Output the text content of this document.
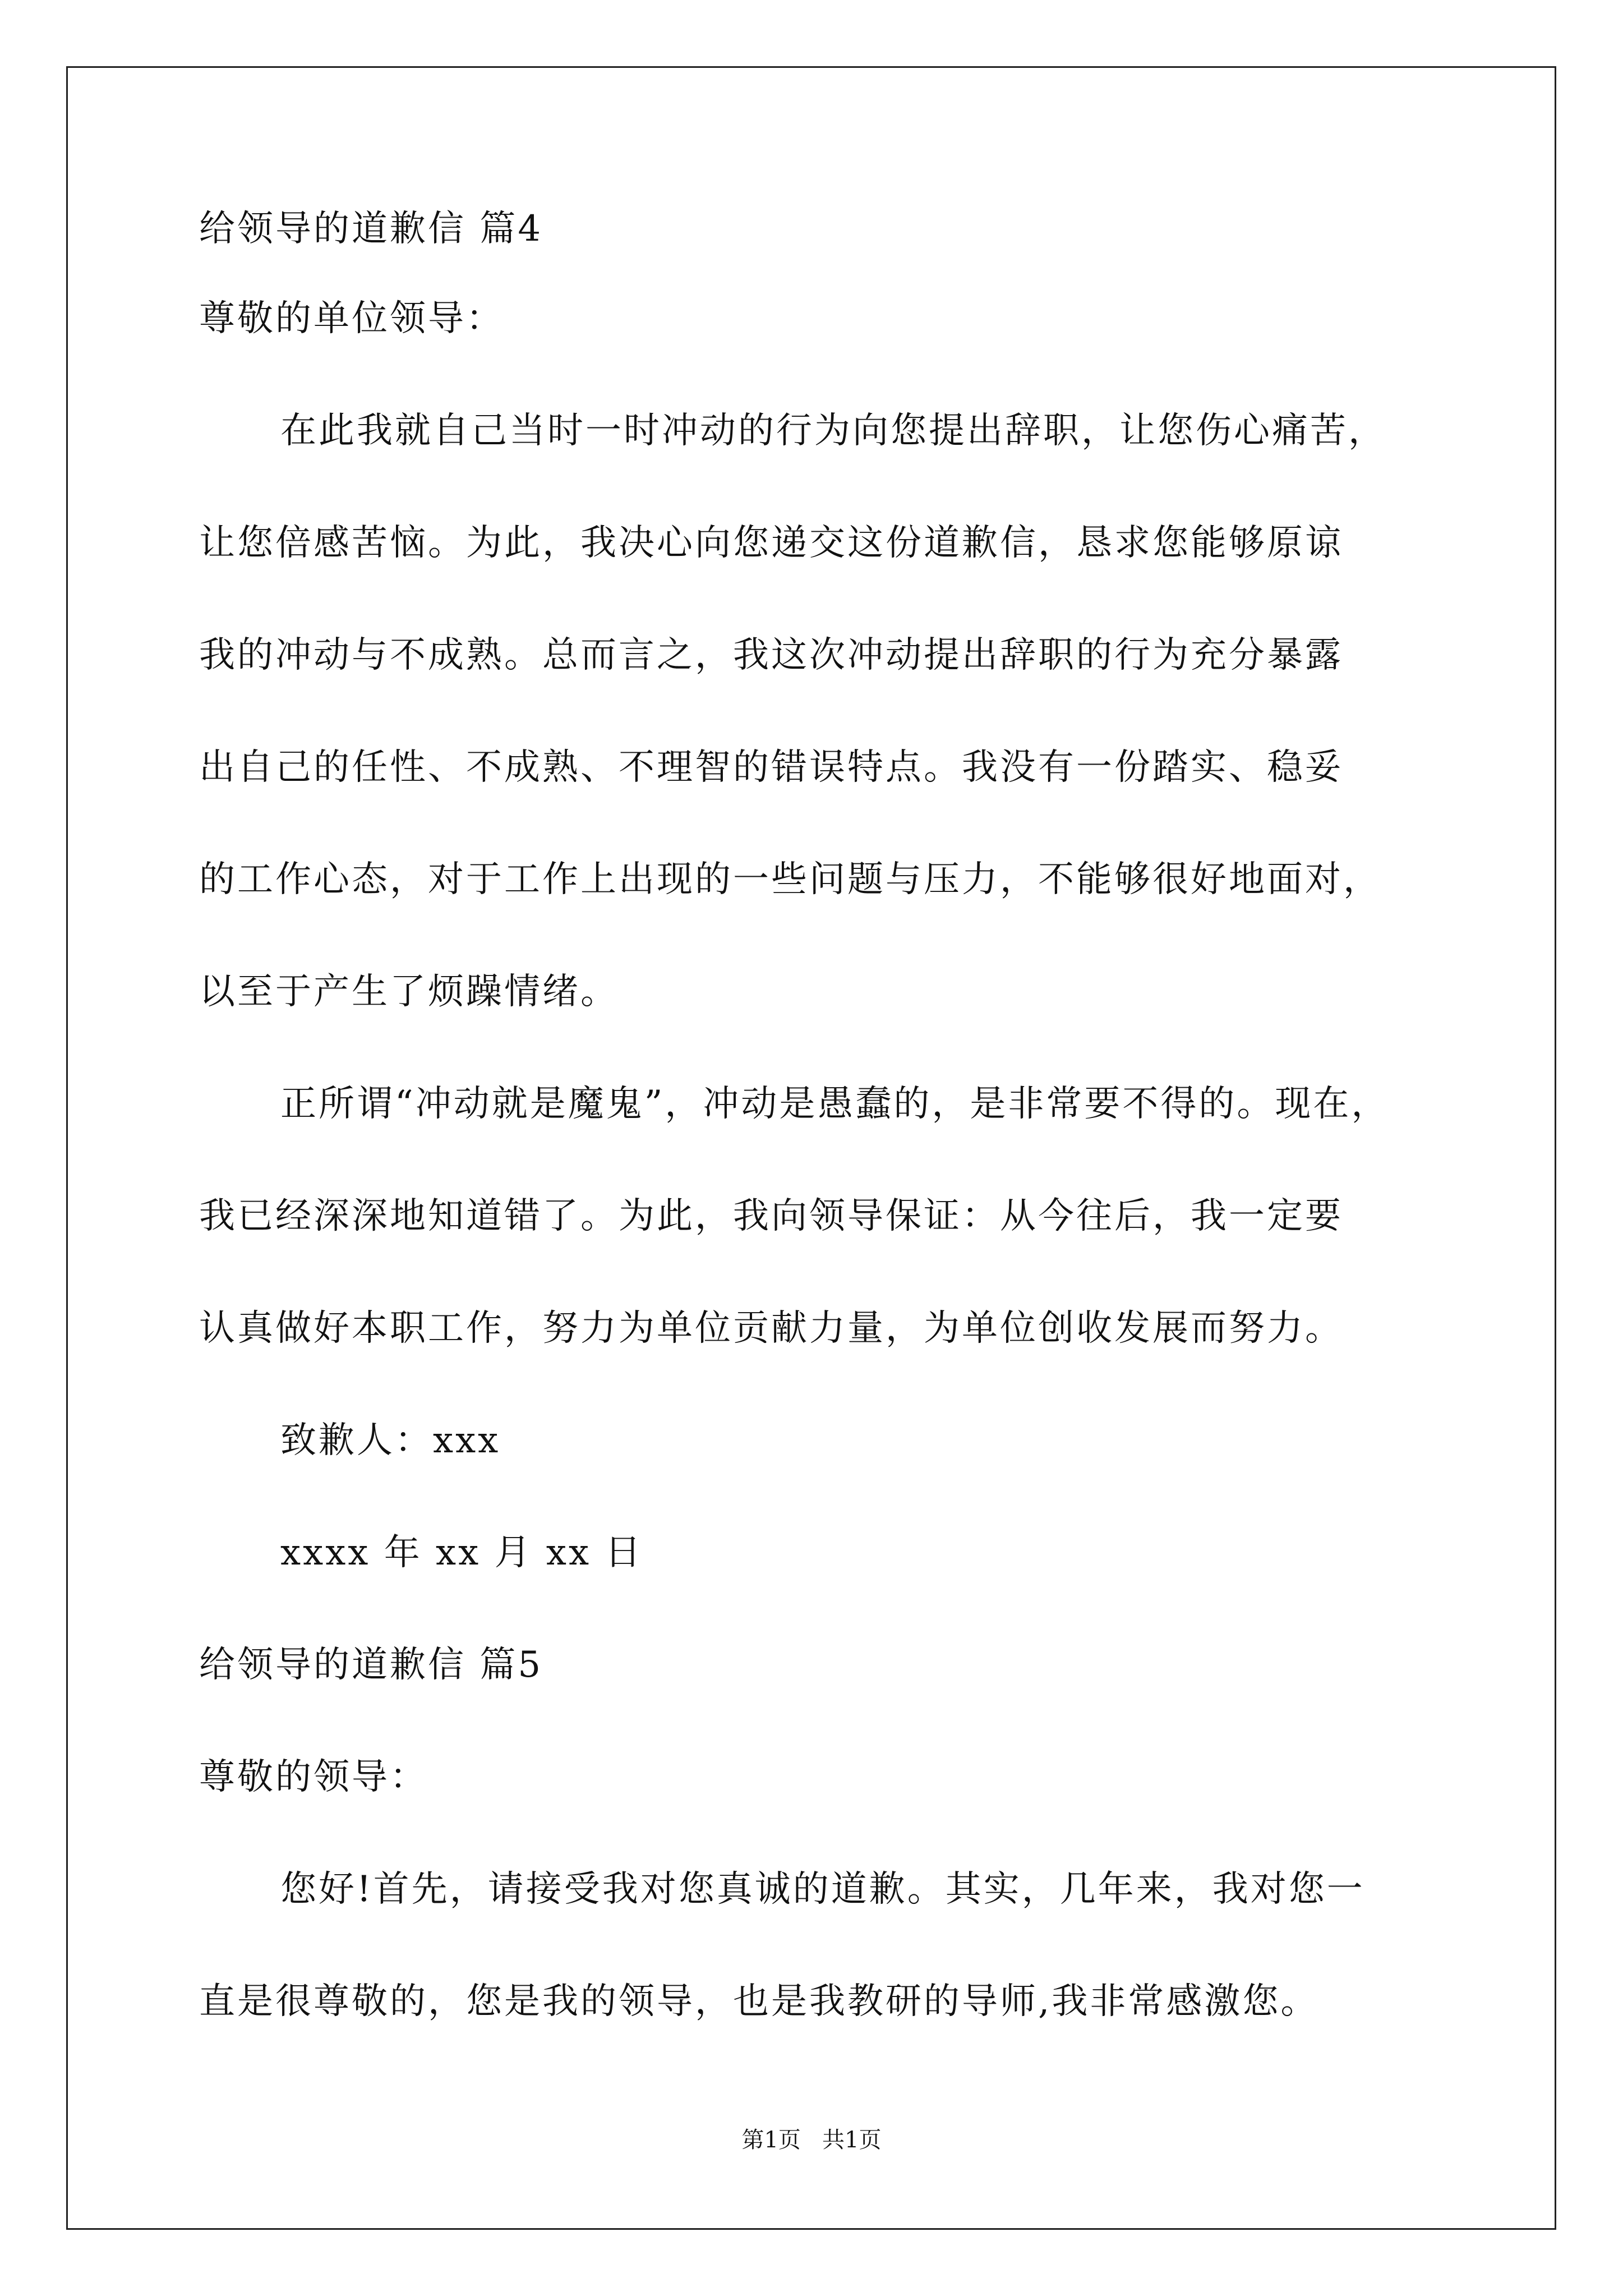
给领导的道歉信 篇4
尊敬的单位领导：
在此我就自己当时一时冲动的行为向您提出辞职，让您伤心痛苦，
让您倍感苦恼。为此，我决心向您递交这份道歉信，恳求您能够原谅
我的冲动与不成熟。总而言之，我这次冲动提出辞职的行为充分暴露
出自己的任性、不成熟、不理智的错误特点。我没有一份踏实、稳妥
的工作心态，对于工作上出现的一些问题与压力，不能够很好地面对，
以至于产生了烦躁情绪。
正所谓“冲动就是魔鬼”，冲动是愚蠢的，是非常要不得的。现在，
我已经深深地知道错了。为此，我向领导保证：从今往后，我一定要
认真做好本职工作，努力为单位贡献力量，为单位创收发展而努力。
致歉人：xxx
xxxx 年 xx 月 xx 日
给领导的道歉信 篇5
尊敬的领导：
您好!首先，请接受我对您真诚的道歉。其实，几年来，我对您一
直是很尊敬的，您是我的领导，也是我教研的导师,我非常感激您。
第1页   共1页
